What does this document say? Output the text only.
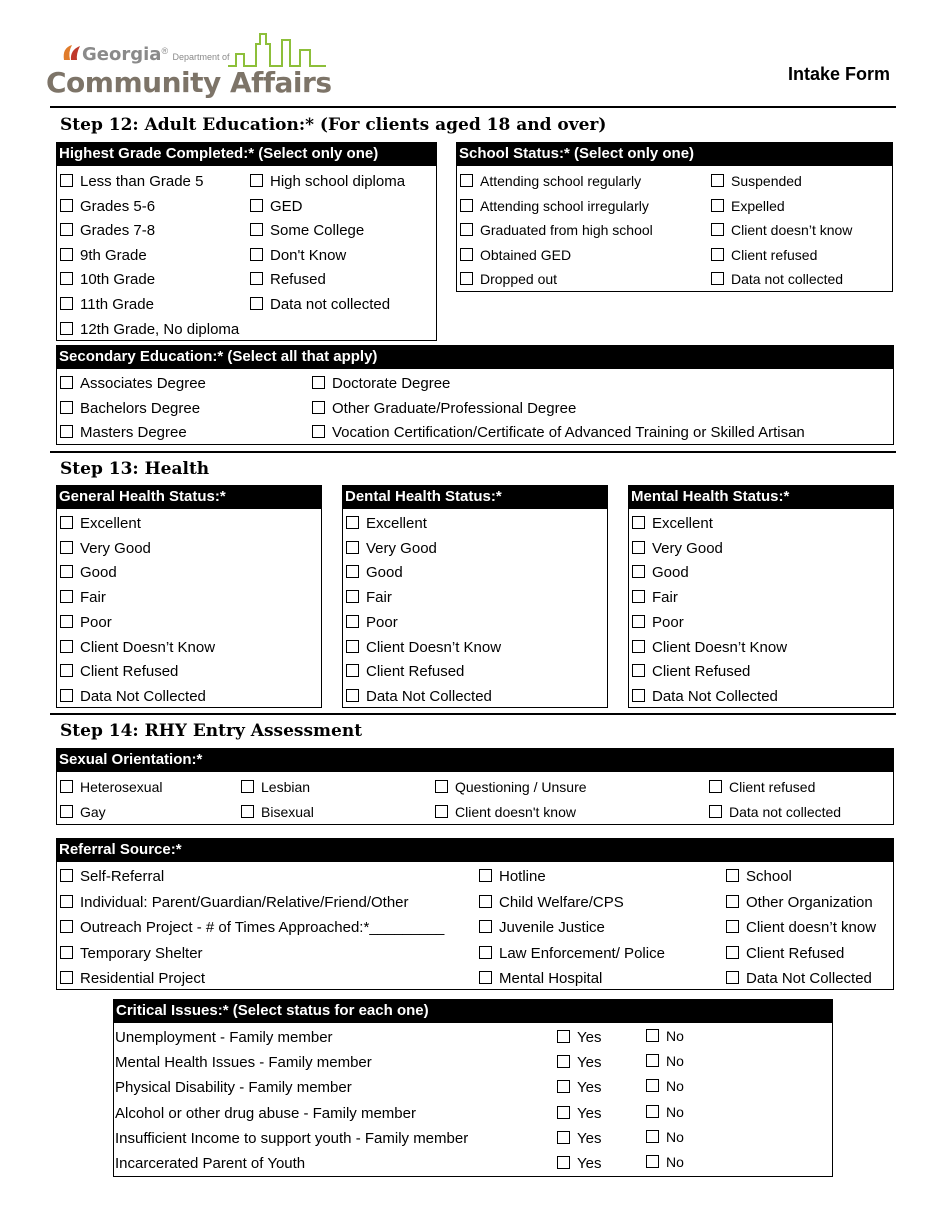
Georgia® Department of
Community Affairs	Intake Form
Step 12: Adult Education:* (For clients aged 18 and over)
Highest Grade Completed:* (Select only one)
Less than Grade 5
Grades 5-6
Grades 7-8
9th Grade
10th Grade
11th Grade
12th Grade, No diploma
High school diploma
GED
Some College
Don't Know
Refused
Data not collected
School Status:* (Select only one)
Attending school regularly
Attending school irregularly
Graduated from high school
Obtained GED
Dropped out
Suspended
Expelled
Client doesn’t know
Client refused
Data not collected
Secondary Education:* (Select all that apply)
Associates Degree
Bachelors Degree
Masters Degree
Doctorate Degree
Other Graduate/Professional Degree
Vocation Certification/Certificate of Advanced Training or Skilled Artisan
Step 13: Health
General Health Status:*
Excellent
Very Good
Good
Fair
Poor
Client Doesn’t Know
Client Refused
Data Not Collected
Dental Health Status:*
Excellent
Very Good
Good
Fair
Poor
Client Doesn’t Know
Client Refused
Data Not Collected
Mental Health Status:*
Excellent
Very Good
Good
Fair
Poor
Client Doesn’t Know
Client Refused
Data Not Collected
Step 14: RHY Entry Assessment
Sexual Orientation:*
Heterosexual	Lesbian	Questioning / Unsure	Client refused
Gay	Bisexual	Client doesn't know	Data not collected
Referral Source:*
Self-Referral
Individual: Parent/Guardian/Relative/Friend/Other
Outreach Project - # of Times Approached:*_________
Temporary Shelter
Residential Project
Hotline
Child Welfare/CPS
Juvenile Justice
Law Enforcement/ Police
Mental Hospital
School
Other Organization
Client doesn’t know
Client Refused
Data Not Collected
Critical Issues:* (Select status for each one)
Unemployment - Family member	Yes	No
Mental Health Issues - Family member	Yes	No
Physical Disability - Family member	Yes	No
Alcohol or other drug abuse - Family member	Yes	No
Insufficient Income to support youth - Family member	Yes	No
Incarcerated Parent of Youth	Yes	No
